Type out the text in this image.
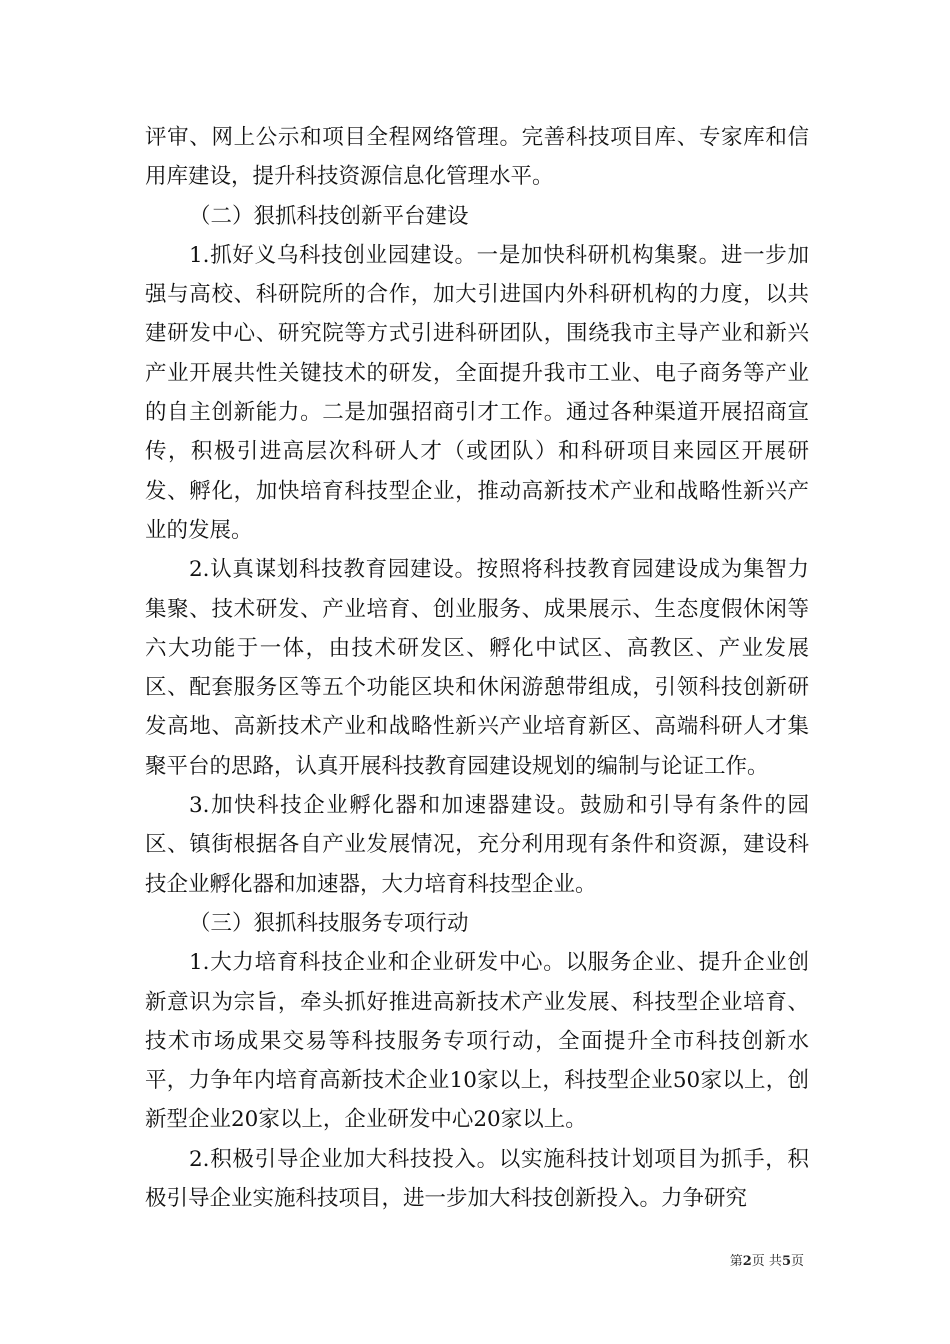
评审、网上公示和项目全程网络管理。完善科技项目库、专家库和信用库建设，提升科技资源信息化管理水平。

（二）狠抓科技创新平台建设

1.抓好义乌科技创业园建设。一是加快科研机构集聚。进一步加强与高校、科研院所的合作，加大引进国内外科研机构的力度，以共建研发中心、研究院等方式引进科研团队，围绕我市主导产业和新兴产业开展共性关键技术的研发，全面提升我市工业、电子商务等产业的自主创新能力。二是加强招商引才工作。通过各种渠道开展招商宣传，积极引进高层次科研人才（或团队）和科研项目来园区开展研发、孵化，加快培育科技型企业，推动高新技术产业和战略性新兴产业的发展。

2.认真谋划科技教育园建设。按照将科技教育园建设成为集智力集聚、技术研发、产业培育、创业服务、成果展示、生态度假休闲等六大功能于一体，由技术研发区、孵化中试区、高教区、产业发展区、配套服务区等五个功能区块和休闲游憩带组成，引领科技创新研发高地、高新技术产业和战略性新兴产业培育新区、高端科研人才集聚平台的思路，认真开展科技教育园建设规划的编制与论证工作。

3.加快科技企业孵化器和加速器建设。鼓励和引导有条件的园区、镇街根据各自产业发展情况，充分利用现有条件和资源，建设科技企业孵化器和加速器，大力培育科技型企业。

（三）狠抓科技服务专项行动

1.大力培育科技企业和企业研发中心。以服务企业、提升企业创新意识为宗旨，牵头抓好推进高新技术产业发展、科技型企业培育、技术市场成果交易等科技服务专项行动，全面提升全市科技创新水平，力争年内培育高新技术企业10家以上，科技型企业50家以上，创新型企业20家以上，企业研发中心20家以上。

2.积极引导企业加大科技投入。以实施科技计划项目为抓手，积极引导企业实施科技项目，进一步加大科技创新投入。力争研究

第2页 共5页
